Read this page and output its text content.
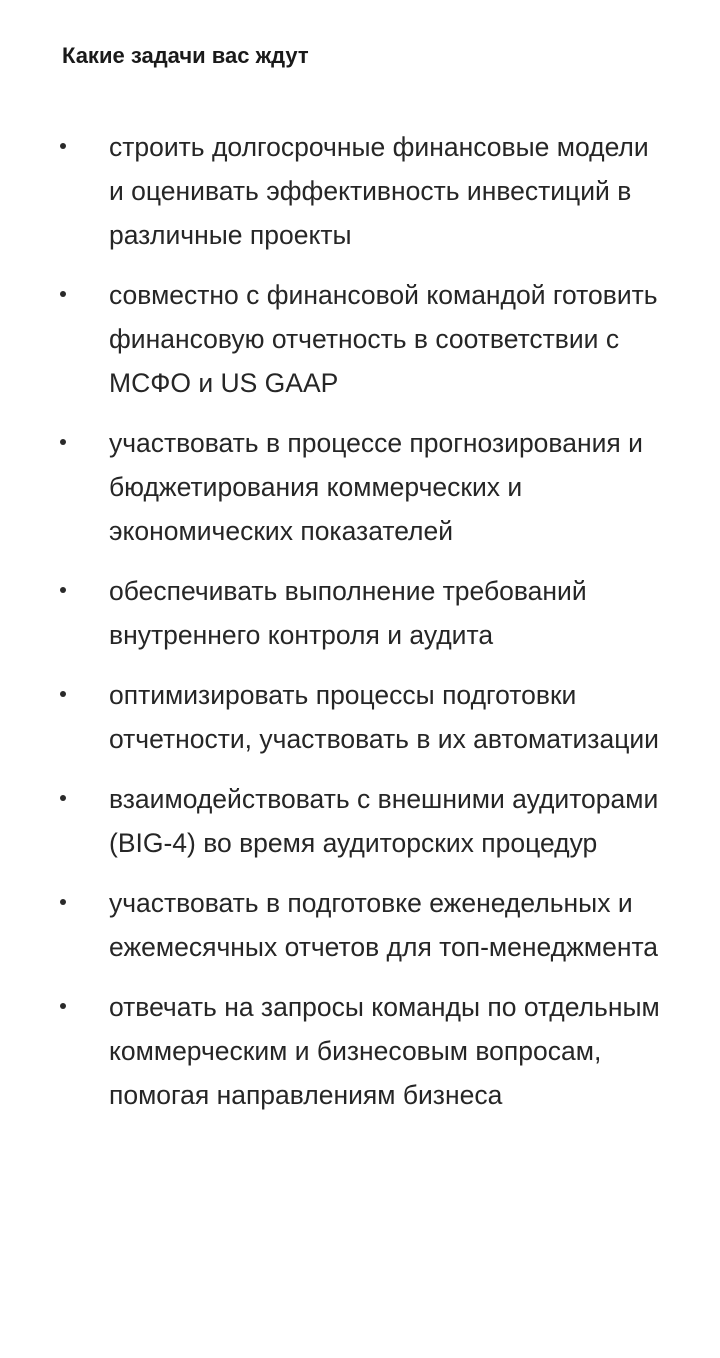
Какие задачи вас ждут
строить долгосрочные финансовые модели и оценивать эффективность инвестиций в различные проекты
совместно с финансовой командой готовить финансовую отчетность в соответствии с МСФО и US GAAP
участвовать в процессе прогнозирования и бюджетирования коммерческих и экономических показателей
обеспечивать выполнение требований внутреннего контроля и аудита
оптимизировать процессы подготовки отчетности, участвовать в их автоматизации
взаимодействовать с внешними аудиторами (BIG-4) во время аудиторских процедур
участвовать в подготовке еженедельных и ежемесячных отчетов для топ-менеджмента
отвечать на запросы команды по отдельным коммерческим и бизнесовым вопросам, помогая направлениям бизнеса
